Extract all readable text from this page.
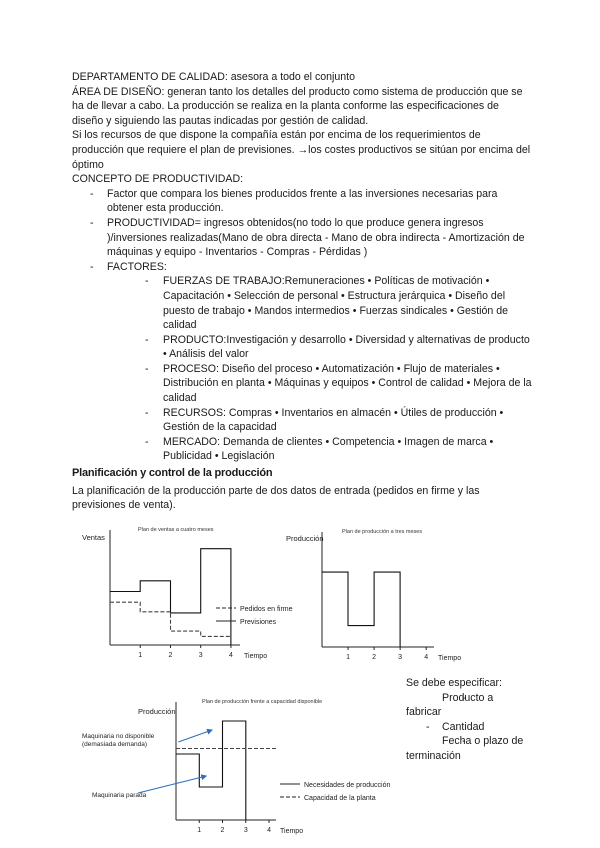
DEPARTAMENTO DE CALIDAD: asesora a todo el conjunto

ÁREA DE DISEÑO: generan tanto los detalles del producto como sistema de producción que se ha de llevar a cabo. La producción se realiza en la planta conforme las especificaciones de diseño y siguiendo las pautas indicadas por gestión de calidad.

Si los recursos de que dispone la compañía están por encima de los requerimientos de producción que requiere el plan de previsiones. →los costes productivos se sitúan por encima del óptimo

CONCEPTO DE PRODUCTIVIDAD:

- Factor que compara los bienes producidos frente a las inversiones necesarias para obtener esta producción.
- PRODUCTIVIDAD= ingresos obtenidos(no todo lo que produce genera ingresos )/inversiones realizadas(Mano de obra directa - Mano de obra indirecta - Amortización de máquinas y equipo - Inventarios - Compras - Pérdidas )
- FACTORES:
- FUERZAS DE TRABAJO:Remuneraciones • Políticas de motivación • Capacitación • Selección de personal • Estructura jerárquica • Diseño del puesto de trabajo • Mandos intermedios • Fuerzas sindicales • Gestión de calidad
- PRODUCTO:Investigación y desarrollo • Diversidad y alternativas de producto • Análisis del valor
- PROCESO: Diseño del proceso • Automatización • Flujo de materiales • Distribución en planta • Máquinas y equipos • Control de calidad • Mejora de la calidad
- RECURSOS: Compras • Inventarios en almacén • Útiles de producción • Gestión de la capacidad
- MERCADO: Demanda de clientes • Competencia • Imagen de marca • Publicidad • Legislación

Planificación y control de la producción

La planificación de la producción parte de dos datos de entrada (pedidos en firme y las previsiones de venta).

Plan de ventas a cuatro meses
Ventas
Tiempo
1	2	3	4
Pedidos en firme
Previsiones
Plan de producción a tres meses
Producción
Tiempo
1	2	3	4
Plan de producción frente a capacidad disponible
Producción
Tiempo
1	2	3	4
Necesidades de producción
Capacidad de la planta
Maquinaria no disponible (demasiada demanda)
Maquinaria parada

Se debe especificar:

- Producto a fabricar
- Cantidad
- Fecha o plazo de terminación
